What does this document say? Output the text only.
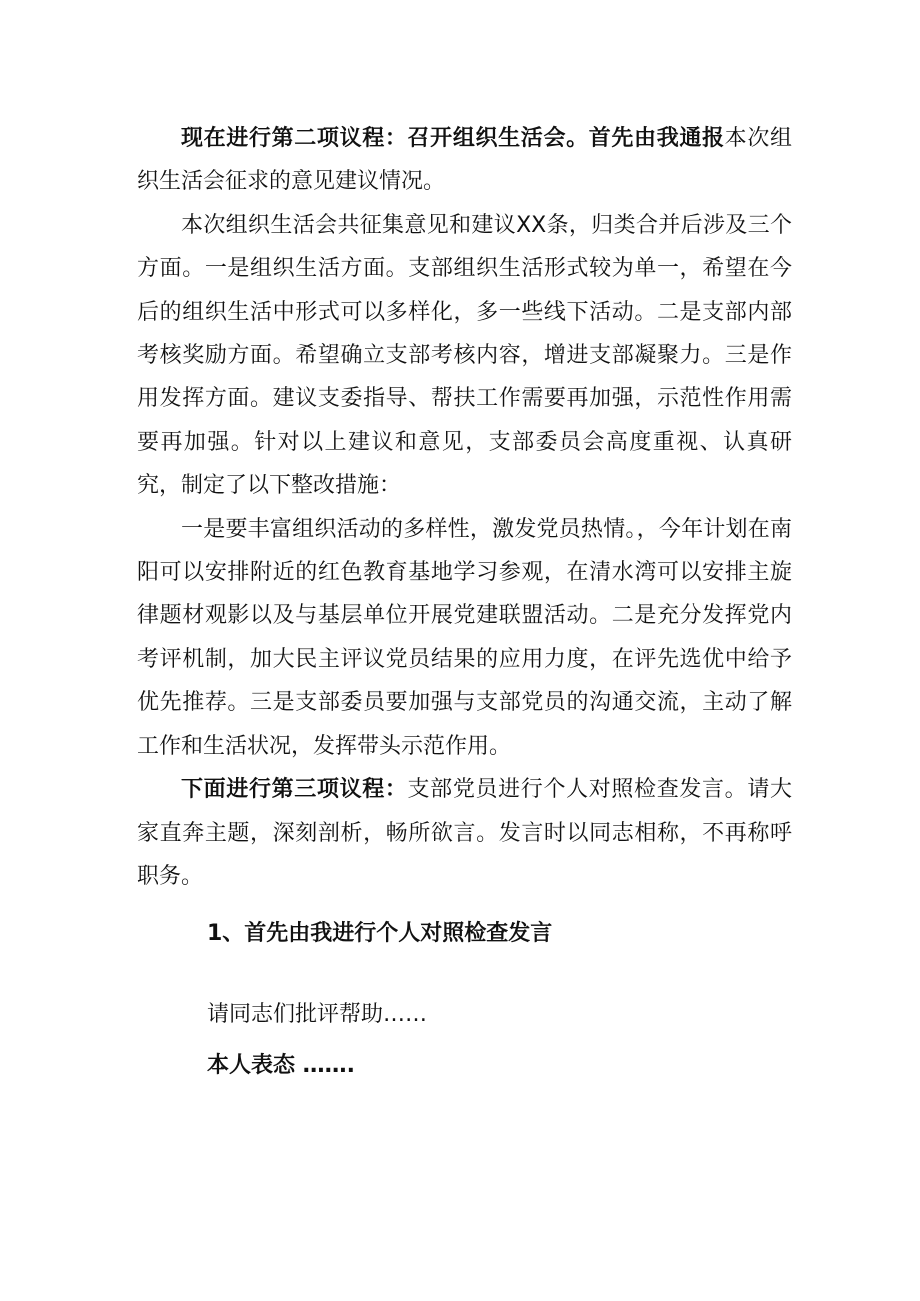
现在进行第二项议程：召开组织生活会。首先由我通报本次组织生活会征求的意见建议情况。

本次组织生活会共征集意见和建议XX条，归类合并后涉及三个方面。一是组织生活方面。支部组织生活形式较为单一，希望在今后的组织生活中形式可以多样化，多一些线下活动。二是支部内部考核奖励方面。希望确立支部考核内容，增进支部凝聚力。三是作用发挥方面。建议支委指导、帮扶工作需要再加强，示范性作用需要再加强。针对以上建议和意见，支部委员会高度重视、认真研究，制定了以下整改措施：

一是要丰富组织活动的多样性，激发党员热情。，今年计划在南阳可以安排附近的红色教育基地学习参观，在清水湾可以安排主旋律题材观影以及与基层单位开展党建联盟活动。二是充分发挥党内考评机制，加大民主评议党员结果的应用力度，在评先选优中给予优先推荐。三是支部委员要加强与支部党员的沟通交流，主动了解工作和生活状况，发挥带头示范作用。

下面进行第三项议程：支部党员进行个人对照检查发言。请大家直奔主题，深刻剖析，畅所欲言。发言时以同志相称，不再称呼职务。

1、首先由我进行个人对照检查发言

请同志们批评帮助……

本人表态 …….
